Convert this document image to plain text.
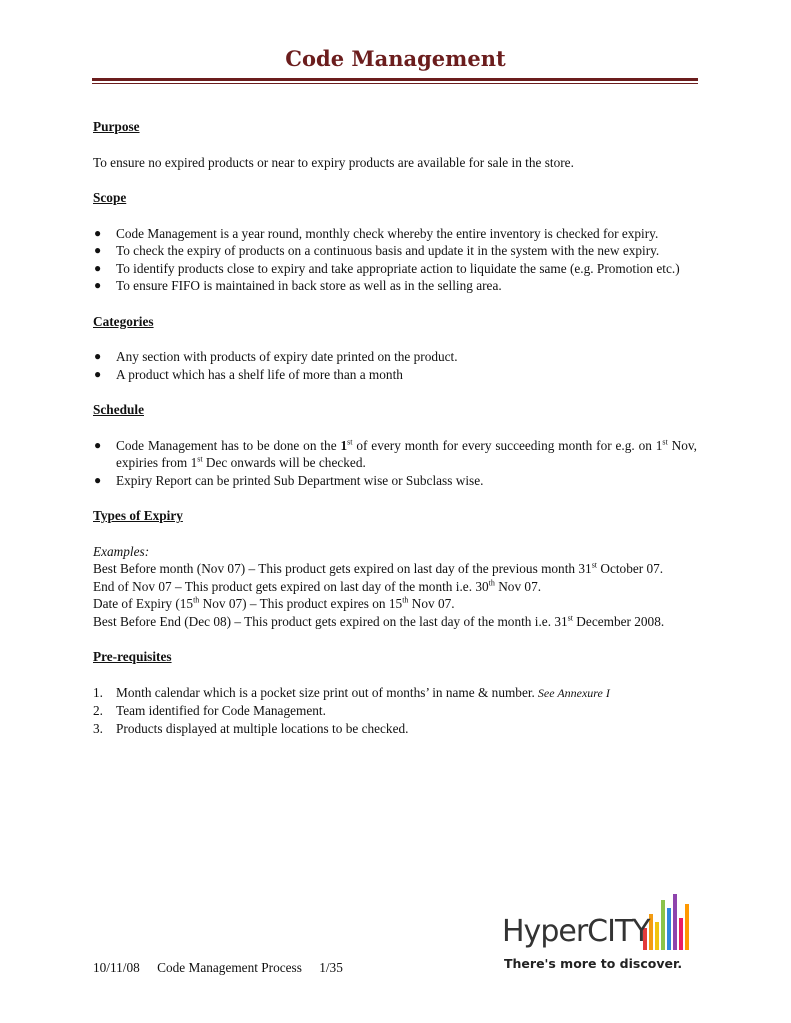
Code Management

Purpose

To ensure no expired products or near to expiry products are available for sale in the store.

Scope

● Code Management is a year round, monthly check whereby the entire inventory is checked for expiry.
● To check the expiry of products on a continuous basis and update it in the system with the new expiry.
● To identify products close to expiry and take appropriate action to liquidate the same (e.g. Promotion etc.)
● To ensure FIFO is maintained in back store as well as in the selling area.

Categories

● Any section with products of expiry date printed on the product.
● A product which has a shelf life of more than a month

Schedule

● Code Management has to be done on the 1st of every month for every succeeding month for e.g. on 1st Nov, expiries from 1st Dec onwards will be checked.
● Expiry Report can be printed Sub Department wise or Subclass wise.

Types of Expiry

Examples:

Best Before month (Nov 07) – This product gets expired on last day of the previous month 31st October 07.

End of Nov 07 – This product gets expired on last day of the month i.e. 30th Nov 07.

Date of Expiry (15th Nov 07) – This product expires on 15th Nov 07.

Best Before End (Dec 08) – This product gets expired on the last day of the month i.e. 31st December 2008.

Pre-requisites

1. Month calendar which is a pocket size print out of months’ in name & number. See Annexure I
2. Team identified for Code Management.
3. Products displayed at multiple locations to be checked.
HyperCITY
There's more to discover.
10/11/08 Code Management Process 1/35
